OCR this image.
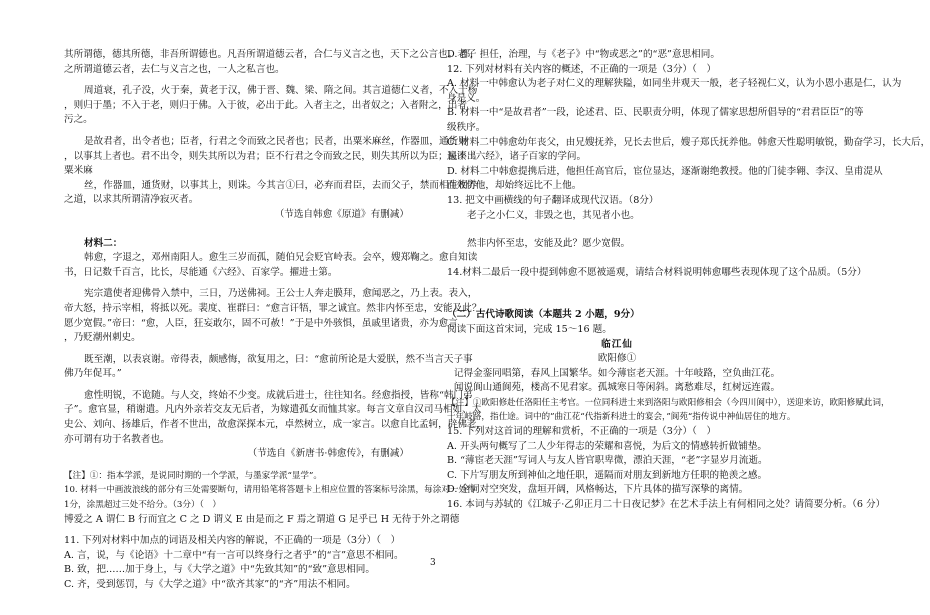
其所谓德，德其所德，非吾所谓德也。凡吾所谓道德云者，合仁与义言之也，天下之公言也。老子
之所谓道德云者，去仁与义言之也，一人之私言也。
周道衰，孔子没，火于秦，黄老于汉，佛于晋、魏、梁、隋之间。其言道德仁义者，不入于杨
，则归于墨；不入于老，则归于佛。入于彼，必出于此。入者主之，出者奴之；入者附之，出者
污之。
是故君者，出令者也；臣者，行君之令而致之民者也；民者，出粟米麻丝，作器皿，通货财
，以事其上者也。君不出令，则失其所以为君；臣不行君之令而致之民，则失其所以为臣；民不出
粟米麻
丝，作器皿，通货财，以事其上，则诛。今其言①曰，必弃而君臣，去而父子，禁而相生相养
之道，以求其所谓清净寂灭者。
（节选自韩愈《原道》有删减）
材料二：
韩愈，字退之，邓州南阳人。愈生三岁而孤，随伯兄会贬官岭表。会卒，嫂郑鞠之。愈自知读
书，日记数千百言，比长，尽能通《六经》、百家学。擢进士第。
宪宗遣使者迎佛骨入禁中，三日，乃送佛祠。王公士人奔走膜拜，愈闻恶之，乃上表。表入，
帝大怒，持示宰相，将抵以死。裴度、崔群曰：“愈言讦牾，罪之诚宜。然非内怀至忠，安能及此？
愿少宽假。”帝曰：“愈，人臣，狂妄敢尔，固不可赦！”于是中外骇惧，虽戚里诸贵，亦为愈言
，乃贬潮州刺史。
既至潮，以表哀谢。帝得表，颇感悔，欲复用之，曰：“愈前所论是大爱朕，然不当言天子事
佛乃年促耳。”
愈性明锐，不诡随。与人交，终始不少变。成就后进士，往往知名。经愈指授，皆称“韩门弟
子”。愈官显，稍谢遣。凡内外亲若交友无后者，为嫁遣孤女而恤其家。每言文章自汉司马相如、太
史公、刘向、扬雄后，作者不世出，故愈深探本元，卓然树立，成一家言。以愈自比孟轲，辟佛老，
亦可谓有功于名教者也。
（节选自《新唐书·韩愈传》，有删减）
【注】①：指本学派，是说同时期的一个学派，与墨家学派“显学”。
10. 材料一中画波浪线的部分有三处需要断句，请用铅笔将答题卡上相应位置的答案标号涂黑，每涂对一处得
1分，涂黑超过三处不给分。（3分）（　）
博爱之 A 谓仁 B 行而宜之 C 之 D 谓义 E 由是而之 F 焉之谓道 G 足乎已 H 无待于外之谓德
11. 下列对材料中加点的词语及相关内容的解说，不正确的一项是（3分）（　）
A. 言，说，与《论语》十二章中“有一言可以终身行之者乎”的“言”意思不相同。
B. 致，把……加于身上，与《大学之道》中“先致其知”的“致”意思相同。
C. 齐，受到惩罚，与《大学之道》中“欲齐其家”的“齐”用法不相同。
D. 郡，担任，治理，与《老子》中“物或恶之”的“恶”意思相同。
12. 下列对材料有关内容的概述，不正确的一项是（3分）（　）
A. 材料一中韩愈认为老子对仁义的理解狭隘，如同坐井观天一般，老子轻视仁义，认为小恩小惠是仁，认为
身是义。
B. 材料一中“是故君者”一段，论述君、臣、民职责分明，体现了儒家思想所倡导的“君君臣臣”的等
级秩序。
C. 材料二中韩愈幼年丧父，由兄嫂抚养，兄长去世后，嫂子郑氏抚养他。韩愈天性聪明敏锐，勤奋学习，长大后，
遍读《六经》，诸子百家的学问。
D. 材料二中韩愈提携后进，他担任高官后，宦位显达，逐渐谢绝教授。他的门徒李翱、李汉、皇甫湜从
而效仿他，却始终远比不上他。
13. 把文中画横线的句子翻译成现代汉语。（8分）
老子之小仁义，非毁之也，其见者小也。
然非内怀至忠，安能及此？愿少宽假。
14.材料二最后一段中提到韩愈不愿被遥观，请结合材料说明韩愈哪些表现体现了这个品质。（5分）
（二）古代诗歌阅读（本题共 2 小题，9分）
阅读下面这首宋词，完成 15～16 题。
临江仙
欧阳修①
记得金銮同唱第，春风上国繁华。如今薄宦老天涯。十年岐路，空负曲江花。
闻说阆山通阆苑，楼高不见君家。孤城寒日等闲斜。离愁难尽，红树远连霞。
【注】①欧阳修赴任洛阳任主考官。一位同科进士来到洛阳与欧阳修相会（今四川阆中），送迎来访，欧阳修赋此词，
十年岐路，指仕途。词中的”曲江花“代指新科进士的宴会，”阆苑“指传说中神仙居住的地方。
15. 下列对这首词的理解和赏析，不正确的一项是（3分）（　）
A. 开头两句概写了二人少年得志的荣耀和喜悦，为后文的情感转折做铺垫。
B. “薄宦老天涯”写词人与友人皆官职卑微，漂泊天涯，“老”字显岁月流逝。
C. 下片写朋友所到神仙之地任职，遥隔而对朋友到新地方任职的艳羡之感。
D. 全词对空突发，盘垣开阔，风格畅达，下片具体的描写深挚的离情。
16. 本词与苏轼的《江城子·乙卯正月二十日夜记梦》在艺术手法上有何相同之处？请简要分析。（6 分）
3
